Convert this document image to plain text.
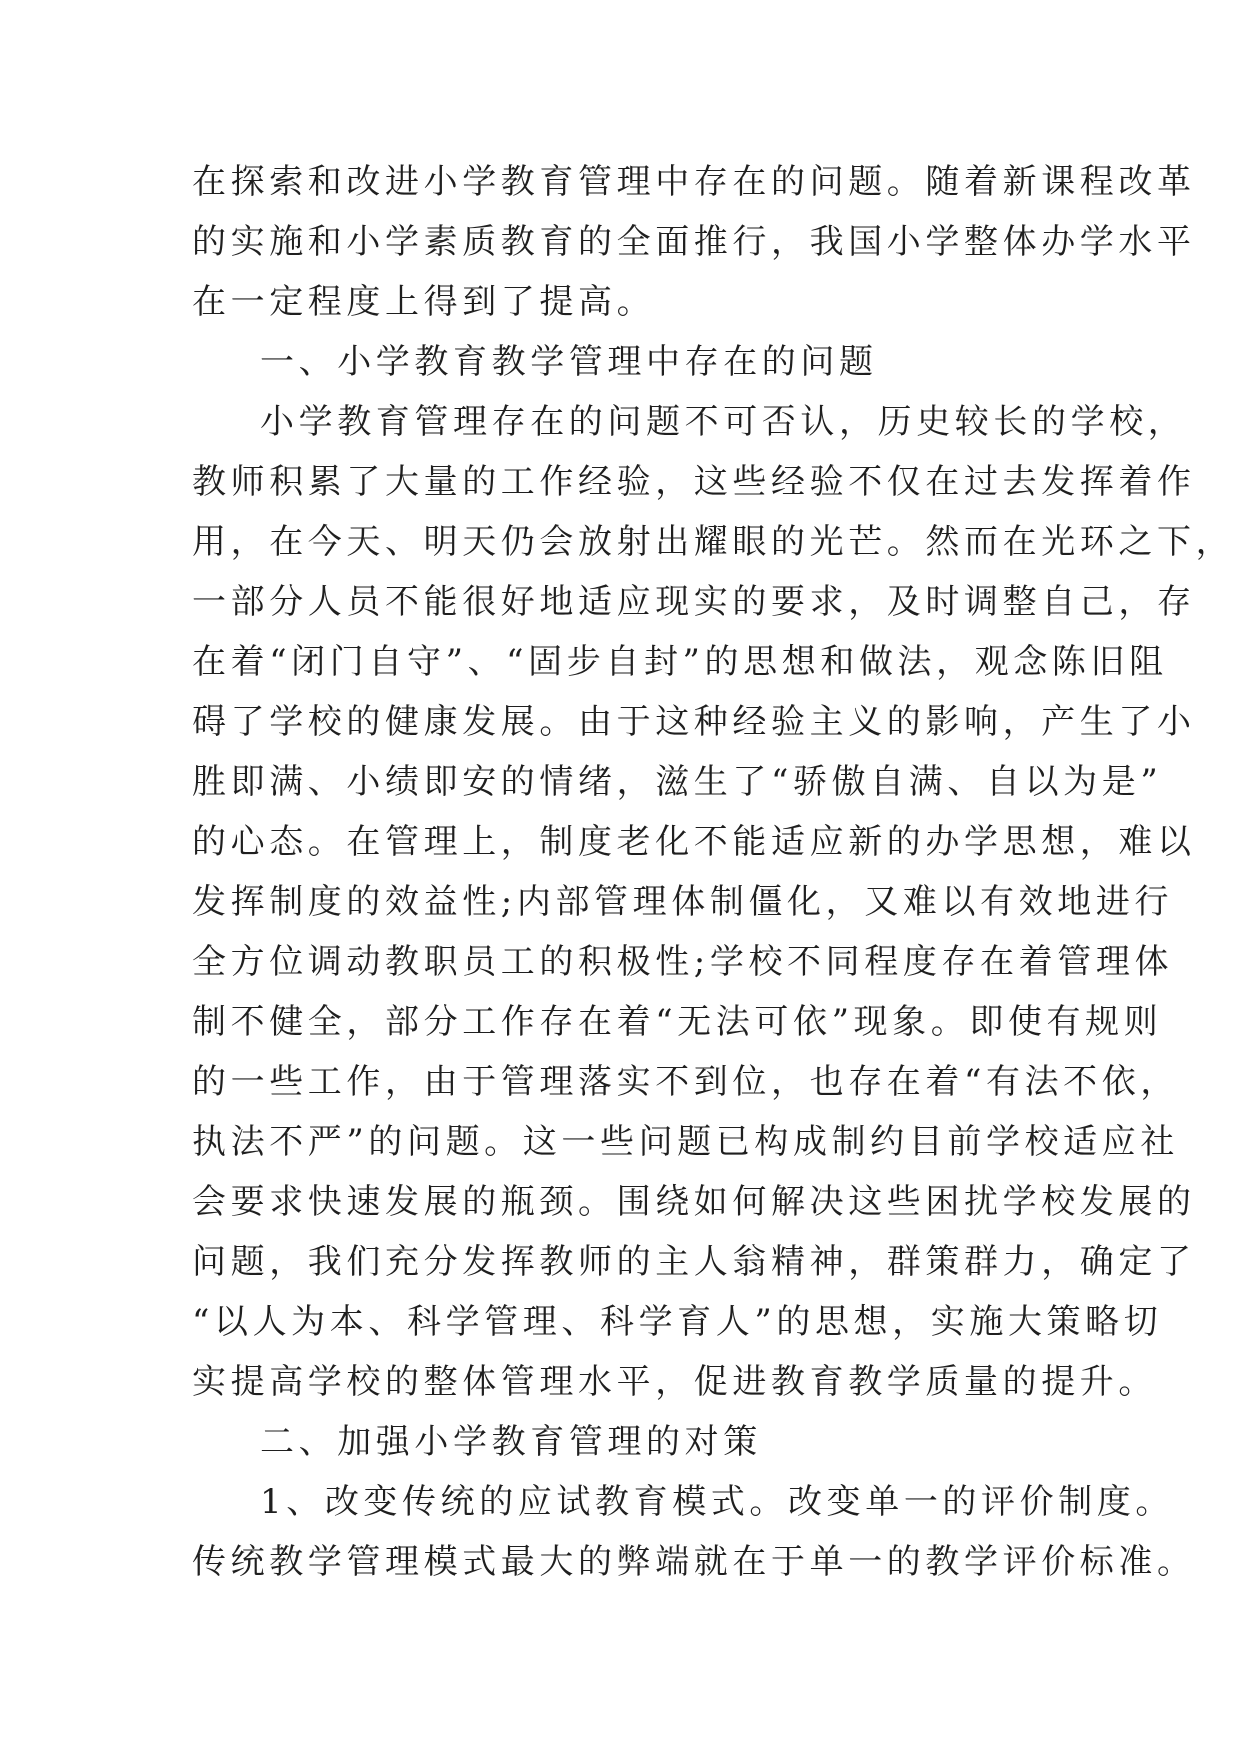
在探索和改进小学教育管理中存在的问题。随着新课程改革
的实施和小学素质教育的全面推行，我国小学整体办学水平
在一定程度上得到了提高。
一、小学教育教学管理中存在的问题
小学教育管理存在的问题不可否认，历史较长的学校，
教师积累了大量的工作经验，这些经验不仅在过去发挥着作
用，在今天、明天仍会放射出耀眼的光芒。然而在光环之下，
一部分人员不能很好地适应现实的要求，及时调整自己，存
在着“闭门自守”、“固步自封”的思想和做法，观念陈旧阻
碍了学校的健康发展。由于这种经验主义的影响，产生了小
胜即满、小绩即安的情绪，滋生了“骄傲自满、自以为是”
的心态。在管理上，制度老化不能适应新的办学思想，难以
发挥制度的效益性;内部管理体制僵化，又难以有效地进行
全方位调动教职员工的积极性;学校不同程度存在着管理体
制不健全，部分工作存在着“无法可依”现象。即使有规则
的一些工作，由于管理落实不到位，也存在着“有法不依，
执法不严”的问题。这一些问题已构成制约目前学校适应社
会要求快速发展的瓶颈。围绕如何解决这些困扰学校发展的
问题，我们充分发挥教师的主人翁精神，群策群力，确定了
“以人为本、科学管理、科学育人”的思想，实施大策略切
实提高学校的整体管理水平，促进教育教学质量的提升。
二、加强小学教育管理的对策
1、改变传统的应试教育模式。改变单一的评价制度。
传统教学管理模式最大的弊端就在于单一的教学评价标准。
